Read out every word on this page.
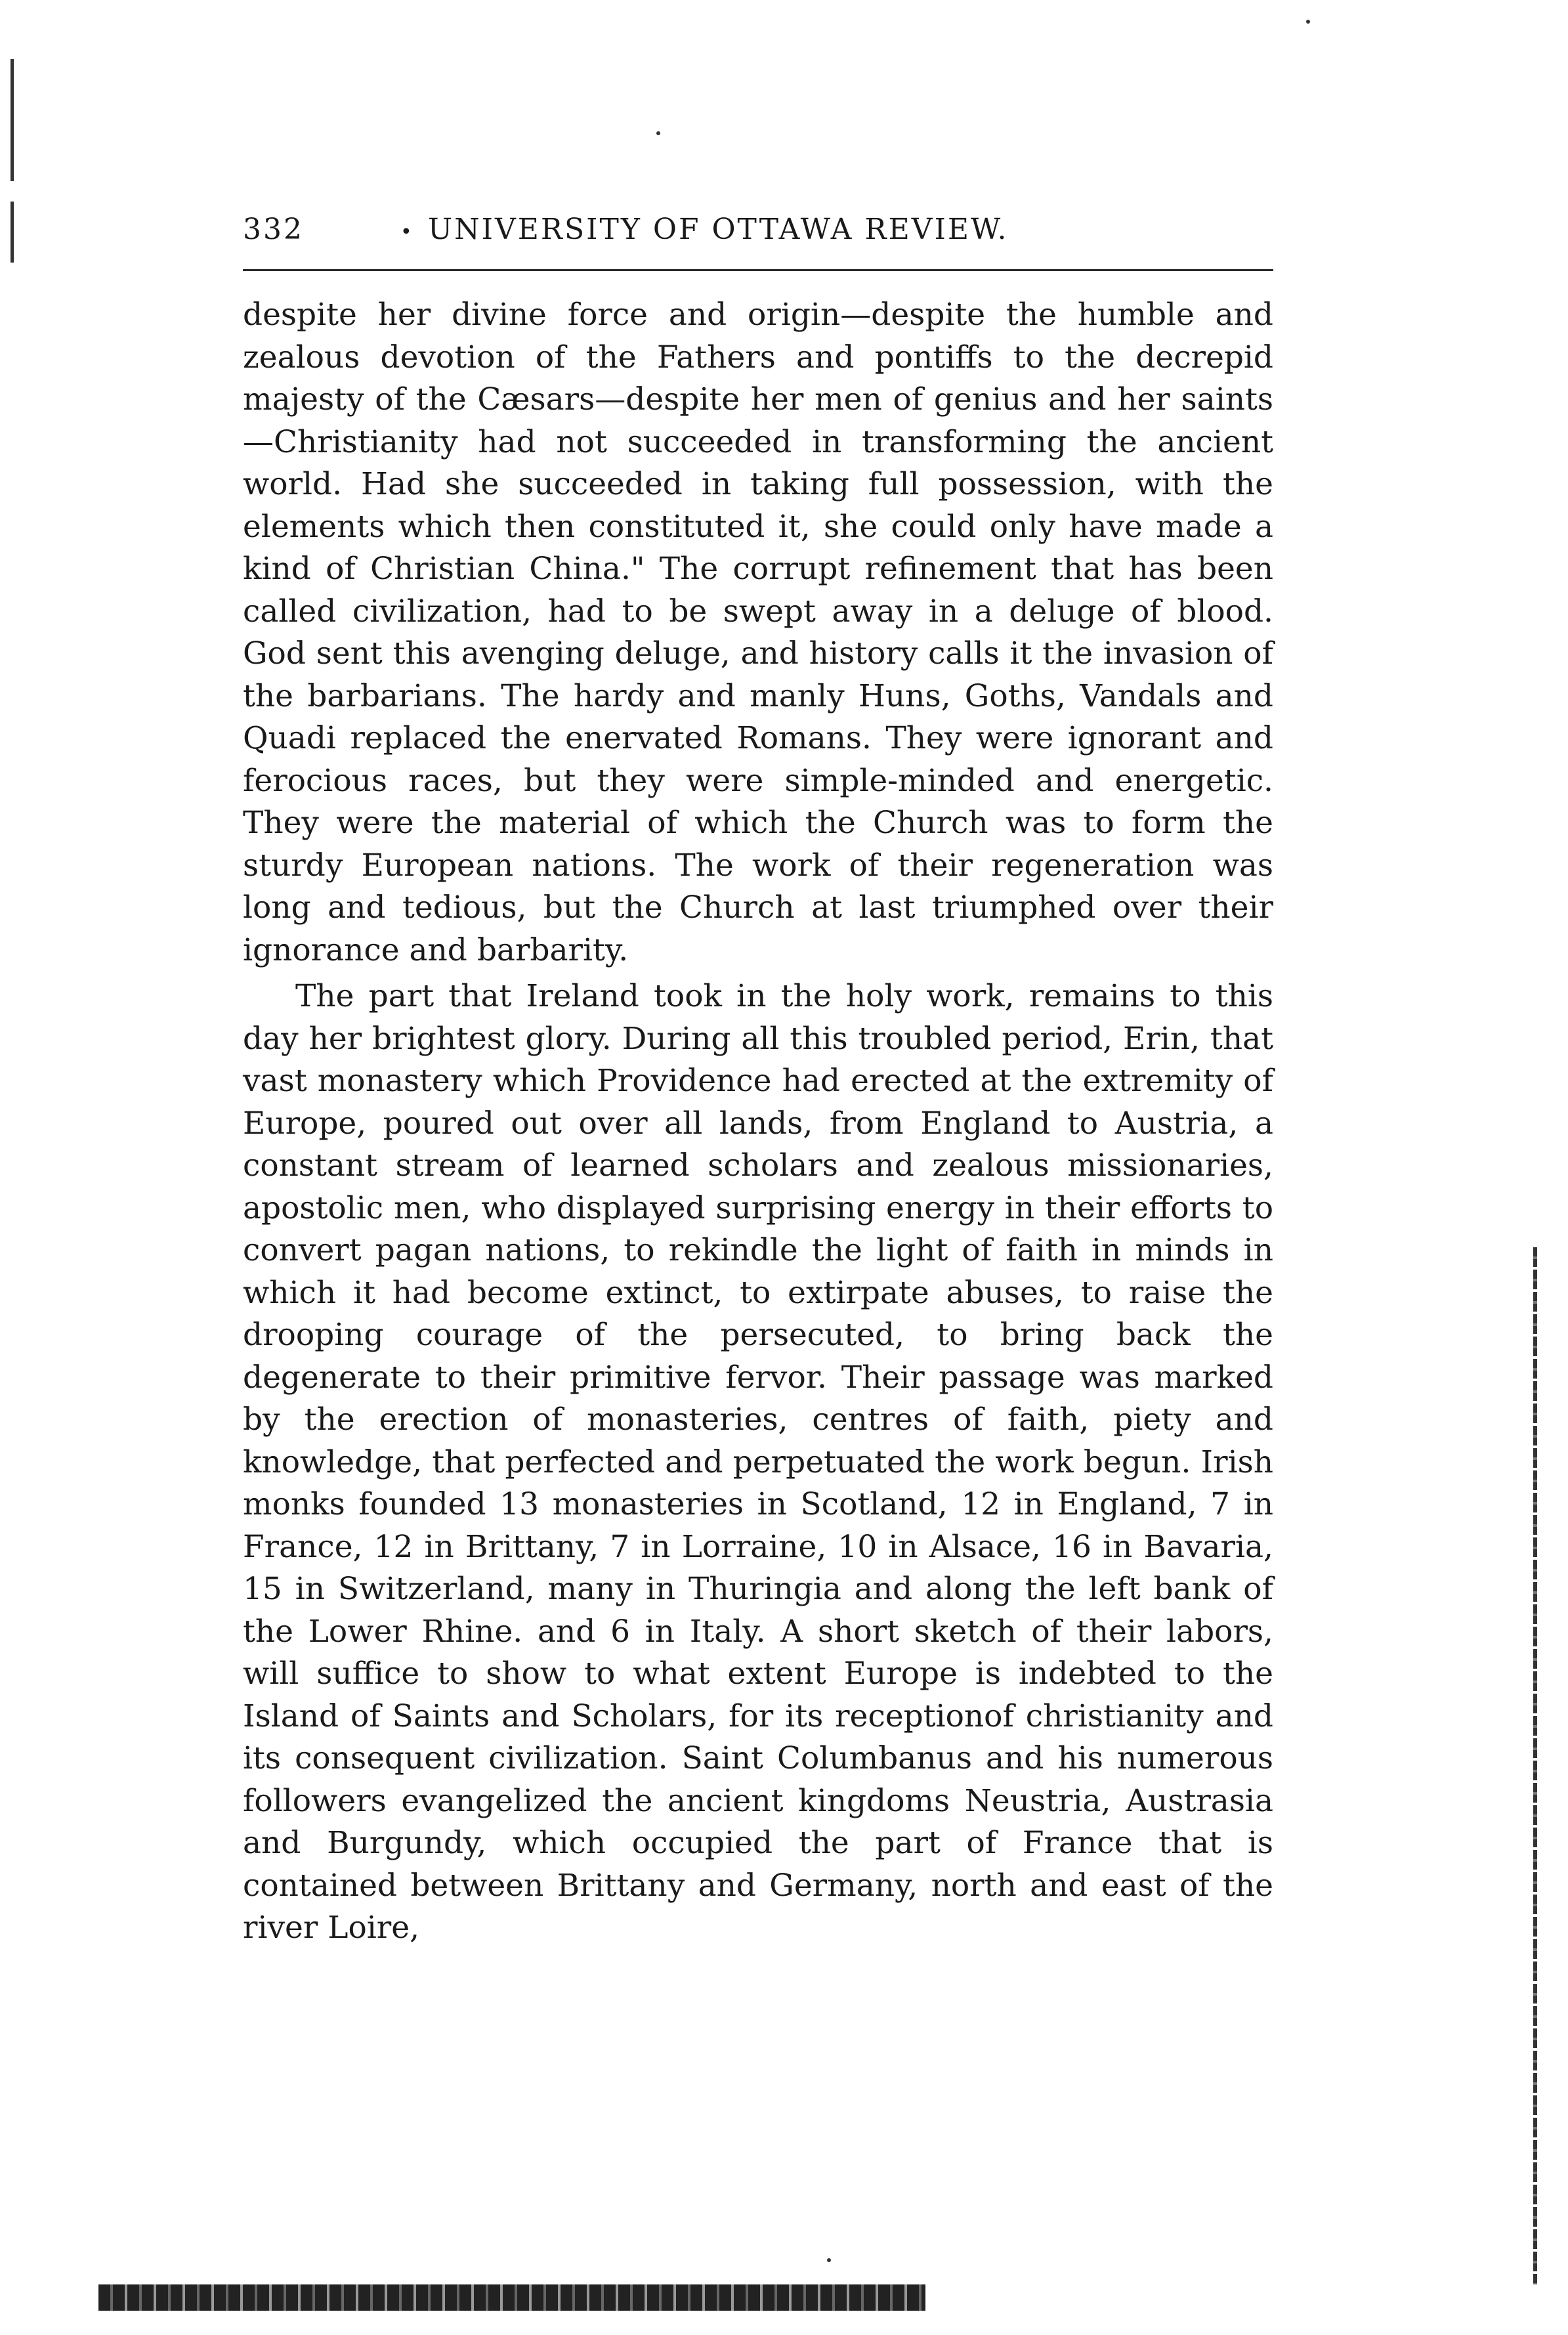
332	• UNIVERSITY OF OTTAWA REVIEW.

despite her divine force and origin—despite the humble and zealous devotion of the Fathers and pontiffs to the decrepid majesty of the Cæsars—despite her men of genius and her saints —Christianity had not succeeded in transforming the ancient world. Had she succeeded in taking full possession, with the elements which then constituted it, she could only have made a kind of Christian China." The corrupt refinement that has been called civilization, had to be swept away in a deluge of blood. God sent this avenging deluge, and history calls it the invasion of the barbarians. The hardy and manly Huns, Goths, Vandals and Quadi replaced the enervated Romans. They were ignorant and ferocious races, but they were simple-minded and energetic. They were the material of which the Church was to form the sturdy European nations. The work of their regeneration was long and tedious, but the Church at last triumphed over their ignorance and barbarity.

The part that Ireland took in the holy work, remains to this day her brightest glory. During all this troubled period, Erin, that vast monastery which Providence had erected at the extremity of Europe, poured out over all lands, from England to Austria, a constant stream of learned scholars and zealous missionaries, apostolic men, who displayed surprising energy in their efforts to convert pagan nations, to rekindle the light of faith in minds in which it had become extinct, to extirpate abuses, to raise the drooping courage of the persecuted, to bring back the degenerate to their primitive fervor. Their passage was marked by the erection of monasteries, centres of faith, piety and knowledge, that perfected and perpetuated the work begun. Irish monks founded 13 monasteries in Scotland, 12 in England, 7 in France, 12 in Brittany, 7 in Lorraine, 10 in Alsace, 16 in Bavaria, 15 in Switzerland, many in Thuringia and along the left bank of the Lower Rhine. and 6 in Italy. A short sketch of their labors, will suffice to show to what extent Europe is indebted to the Island of Saints and Scholars, for its receptionof christianity and its consequent civilization. Saint Columbanus and his numerous followers evangelized the ancient kingdoms Neustria, Austrasia and Burgundy, which occupied the part of France that is contained between Brittany and Germany, north and east of the river Loire,
